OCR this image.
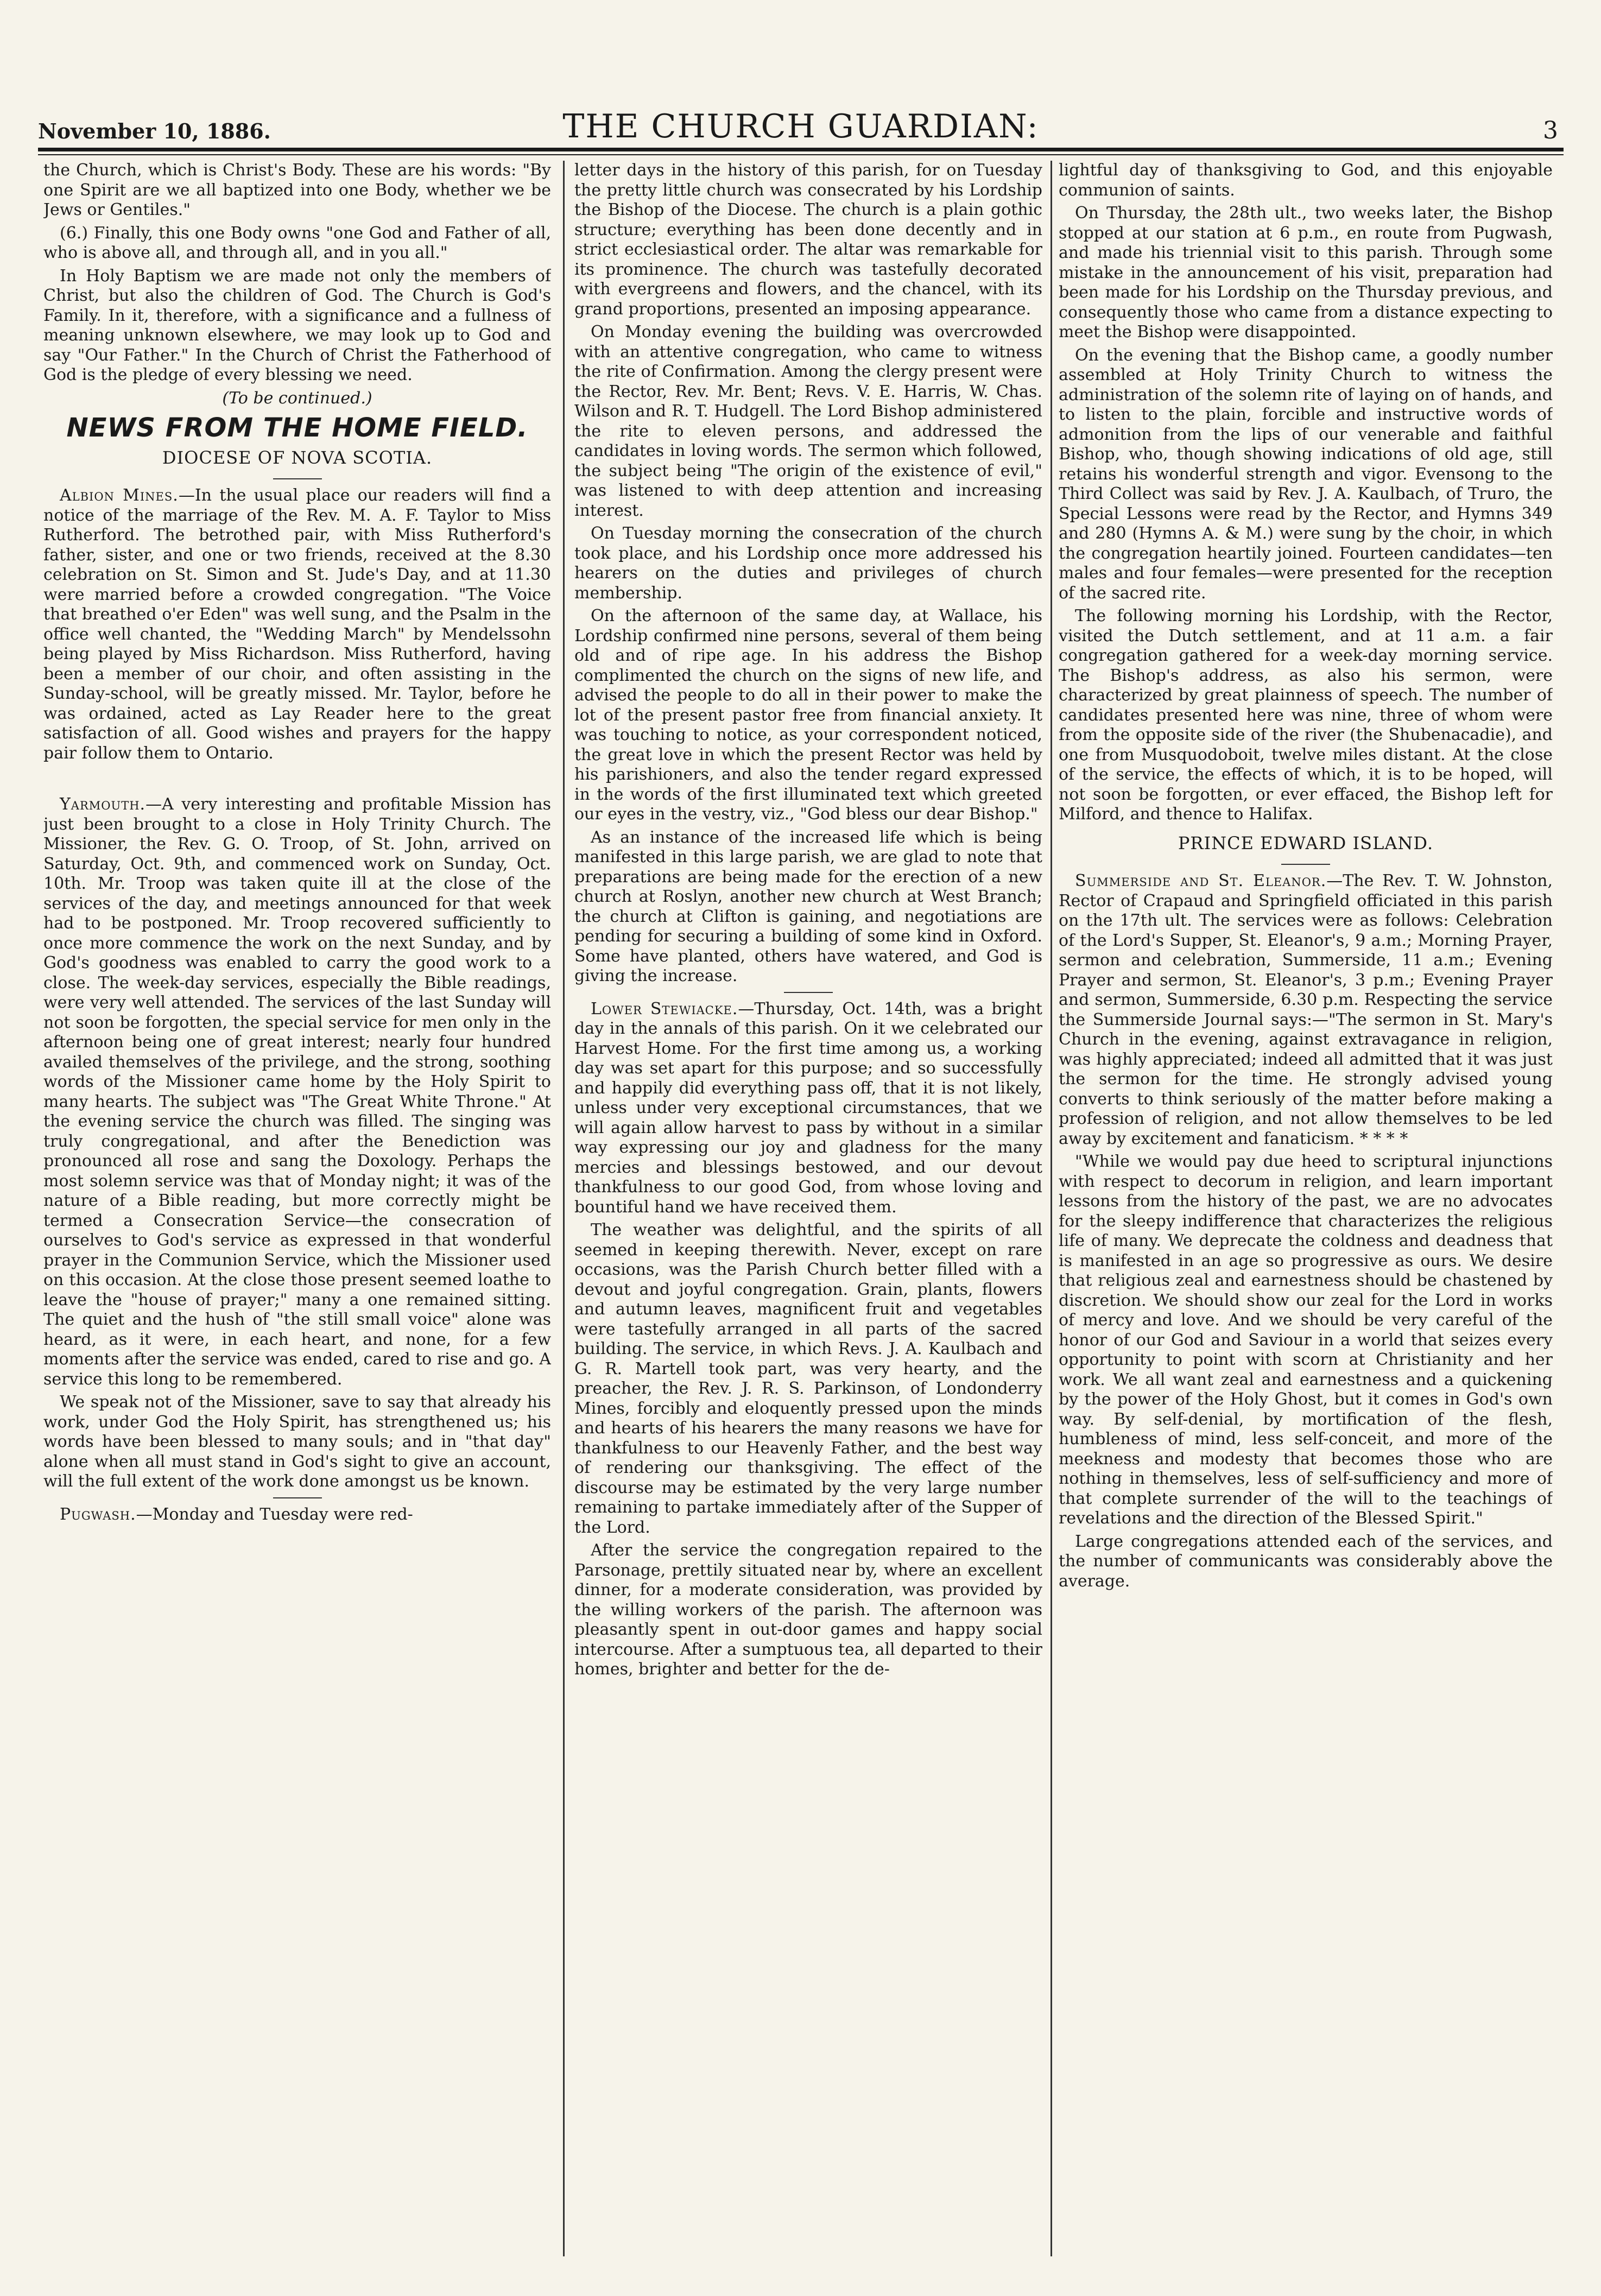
November 10, 1886.	THE CHURCH GUARDIAN:	3

the Church, which is Christ's Body. These are his words: "By one Spirit are we all baptized into one Body, whether we be Jews or Gentiles."

(6.) Finally, this one Body owns "one God and Father of all, who is above all, and through all, and in you all."

In Holy Baptism we are made not only the members of Christ, but also the children of God. The Church is God's Family. In it, therefore, with a significance and a fullness of meaning unknown elsewhere, we may look up to God and say "Our Father." In the Church of Christ the Fatherhood of God is the pledge of every blessing we need.

(To be continued.)

NEWS FROM THE HOME FIELD.
DIOCESE OF NOVA SCOTIA.

Albion Mines.—In the usual place our readers will find a notice of the marriage of the Rev. M. A. F. Taylor to Miss Rutherford. The betrothed pair, with Miss Rutherford's father, sister, and one or two friends, received at the 8.30 celebration on St. Simon and St. Jude's Day, and at 11.30 were married before a crowded congregation. "The Voice that breathed o'er Eden" was well sung, and the Psalm in the office well chanted, the "Wedding March" by Mendelssohn being played by Miss Richardson. Miss Rutherford, having been a member of our choir, and often assisting in the Sunday-school, will be greatly missed. Mr. Taylor, before he was ordained, acted as Lay Reader here to the great satisfaction of all. Good wishes and prayers for the happy pair follow them to Ontario.

Yarmouth.—A very interesting and profitable Mission has just been brought to a close in Holy Trinity Church. The Missioner, the Rev. G. O. Troop, of St. John, arrived on Saturday, Oct. 9th, and commenced work on Sunday, Oct. 10th. Mr. Troop was taken quite ill at the close of the services of the day, and meetings announced for that week had to be postponed. Mr. Troop recovered sufficiently to once more commence the work on the next Sunday, and by God's goodness was enabled to carry the good work to a close. The week-day services, especially the Bible readings, were very well attended. The services of the last Sunday will not soon be forgotten, the special service for men only in the afternoon being one of great interest; nearly four hundred availed themselves of the privilege, and the strong, soothing words of the Missioner came home by the Holy Spirit to many hearts. The subject was "The Great White Throne." At the evening service the church was filled. The singing was truly congregational, and after the Benediction was pronounced all rose and sang the Doxology. Perhaps the most solemn service was that of Monday night; it was of the nature of a Bible reading, but more correctly might be termed a Consecration Service—the consecration of ourselves to God's service as expressed in that wonderful prayer in the Communion Service, which the Missioner used on this occasion. At the close those present seemed loathe to leave the "house of prayer;" many a one remained sitting. The quiet and the hush of "the still small voice" alone was heard, as it were, in each heart, and none, for a few moments after the service was ended, cared to rise and go. A service this long to be remembered.

We speak not of the Missioner, save to say that already his work, under God the Holy Spirit, has strengthened us; his words have been blessed to many souls; and in "that day" alone when all must stand in God's sight to give an account, will the full extent of the work done amongst us be known.

Pugwash.—Monday and Tuesday were red-

letter days in the history of this parish, for on Tuesday the pretty little church was consecrated by his Lordship the Bishop of the Diocese. The church is a plain gothic structure; everything has been done decently and in strict ecclesiastical order. The altar was remarkable for its prominence. The church was tastefully decorated with evergreens and flowers, and the chancel, with its grand proportions, presented an imposing appearance.

On Monday evening the building was overcrowded with an attentive congregation, who came to witness the rite of Confirmation. Among the clergy present were the Rector, Rev. Mr. Bent; Revs. V. E. Harris, W. Chas. Wilson and R. T. Hudgell. The Lord Bishop administered the rite to eleven persons, and addressed the candidates in loving words. The sermon which followed, the subject being "The origin of the existence of evil," was listened to with deep attention and increasing interest.

On Tuesday morning the consecration of the church took place, and his Lordship once more addressed his hearers on the duties and privileges of church membership.

On the afternoon of the same day, at Wallace, his Lordship confirmed nine persons, several of them being old and of ripe age. In his address the Bishop complimented the church on the signs of new life, and advised the people to do all in their power to make the lot of the present pastor free from financial anxiety. It was touching to notice, as your correspondent noticed, the great love in which the present Rector was held by his parishioners, and also the tender regard expressed in the words of the first illuminated text which greeted our eyes in the vestry, viz., "God bless our dear Bishop."

As an instance of the increased life which is being manifested in this large parish, we are glad to note that preparations are being made for the erection of a new church at Roslyn, another new church at West Branch; the church at Clifton is gaining, and negotiations are pending for securing a building of some kind in Oxford. Some have planted, others have watered, and God is giving the increase.

Lower Stewiacke.—Thursday, Oct. 14th, was a bright day in the annals of this parish. On it we celebrated our Harvest Home. For the first time among us, a working day was set apart for this purpose; and so successfully and happily did everything pass off, that it is not likely, unless under very exceptional circumstances, that we will again allow harvest to pass by without in a similar way expressing our joy and gladness for the many mercies and blessings bestowed, and our devout thankfulness to our good God, from whose loving and bountiful hand we have received them.

The weather was delightful, and the spirits of all seemed in keeping therewith. Never, except on rare occasions, was the Parish Church better filled with a devout and joyful congregation. Grain, plants, flowers and autumn leaves, magnificent fruit and vegetables were tastefully arranged in all parts of the sacred building. The service, in which Revs. J. A. Kaulbach and G. R. Martell took part, was very hearty, and the preacher, the Rev. J. R. S. Parkinson, of Londonderry Mines, forcibly and eloquently pressed upon the minds and hearts of his hearers the many reasons we have for thankfulness to our Heavenly Father, and the best way of rendering our thanksgiving. The effect of the discourse may be estimated by the very large number remaining to partake immediately after of the Supper of the Lord.

After the service the congregation repaired to the Parsonage, prettily situated near by, where an excellent dinner, for a moderate consideration, was provided by the willing workers of the parish. The afternoon was pleasantly spent in out-door games and happy social intercourse. After a sumptuous tea, all departed to their homes, brighter and better for the de-

lightful day of thanksgiving to God, and this enjoyable communion of saints.

On Thursday, the 28th ult., two weeks later, the Bishop stopped at our station at 6 p.m., en route from Pugwash, and made his triennial visit to this parish. Through some mistake in the announcement of his visit, preparation had been made for his Lordship on the Thursday previous, and consequently those who came from a distance expecting to meet the Bishop were disappointed.

On the evening that the Bishop came, a goodly number assembled at Holy Trinity Church to witness the administration of the solemn rite of laying on of hands, and to listen to the plain, forcible and instructive words of admonition from the lips of our venerable and faithful Bishop, who, though showing indications of old age, still retains his wonderful strength and vigor. Evensong to the Third Collect was said by Rev. J. A. Kaulbach, of Truro, the Special Lessons were read by the Rector, and Hymns 349 and 280 (Hymns A. & M.) were sung by the choir, in which the congregation heartily joined. Fourteen candidates—ten males and four females—were presented for the reception of the sacred rite.

The following morning his Lordship, with the Rector, visited the Dutch settlement, and at 11 a.m. a fair congregation gathered for a week-day morning service. The Bishop's address, as also his sermon, were characterized by great plainness of speech. The number of candidates presented here was nine, three of whom were from the opposite side of the river (the Shubenacadie), and one from Musquodoboit, twelve miles distant. At the close of the service, the effects of which, it is to be hoped, will not soon be forgotten, or ever effaced, the Bishop left for Milford, and thence to Halifax.

PRINCE EDWARD ISLAND.

Summerside and St. Eleanor.—The Rev. T. W. Johnston, Rector of Crapaud and Springfield officiated in this parish on the 17th ult. The services were as follows: Celebration of the Lord's Supper, St. Eleanor's, 9 a.m.; Morning Prayer, sermon and celebration, Summerside, 11 a.m.; Evening Prayer and sermon, St. Eleanor's, 3 p.m.; Evening Prayer and sermon, Summerside, 6.30 p.m. Respecting the service the Summerside Journal says:—"The sermon in St. Mary's Church in the evening, against extravagance in religion, was highly appreciated; indeed all admitted that it was just the sermon for the time. He strongly advised young converts to think seriously of the matter before making a profession of religion, and not allow themselves to be led away by excitement and fanaticism. * * * *

"While we would pay due heed to scriptural injunctions with respect to decorum in religion, and learn important lessons from the history of the past, we are no advocates for the sleepy indifference that characterizes the religious life of many. We deprecate the coldness and deadness that is manifested in an age so progressive as ours. We desire that religious zeal and earnestness should be chastened by discretion. We should show our zeal for the Lord in works of mercy and love. And we should be very careful of the honor of our God and Saviour in a world that seizes every opportunity to point with scorn at Christianity and her work. We all want zeal and earnestness and a quickening by the power of the Holy Ghost, but it comes in God's own way. By self-denial, by mortification of the flesh, humbleness of mind, less self-conceit, and more of the meekness and modesty that becomes those who are nothing in themselves, less of self-sufficiency and more of that complete surrender of the will to the teachings of revelations and the direction of the Blessed Spirit."

Large congregations attended each of the services, and the number of communicants was considerably above the average.
